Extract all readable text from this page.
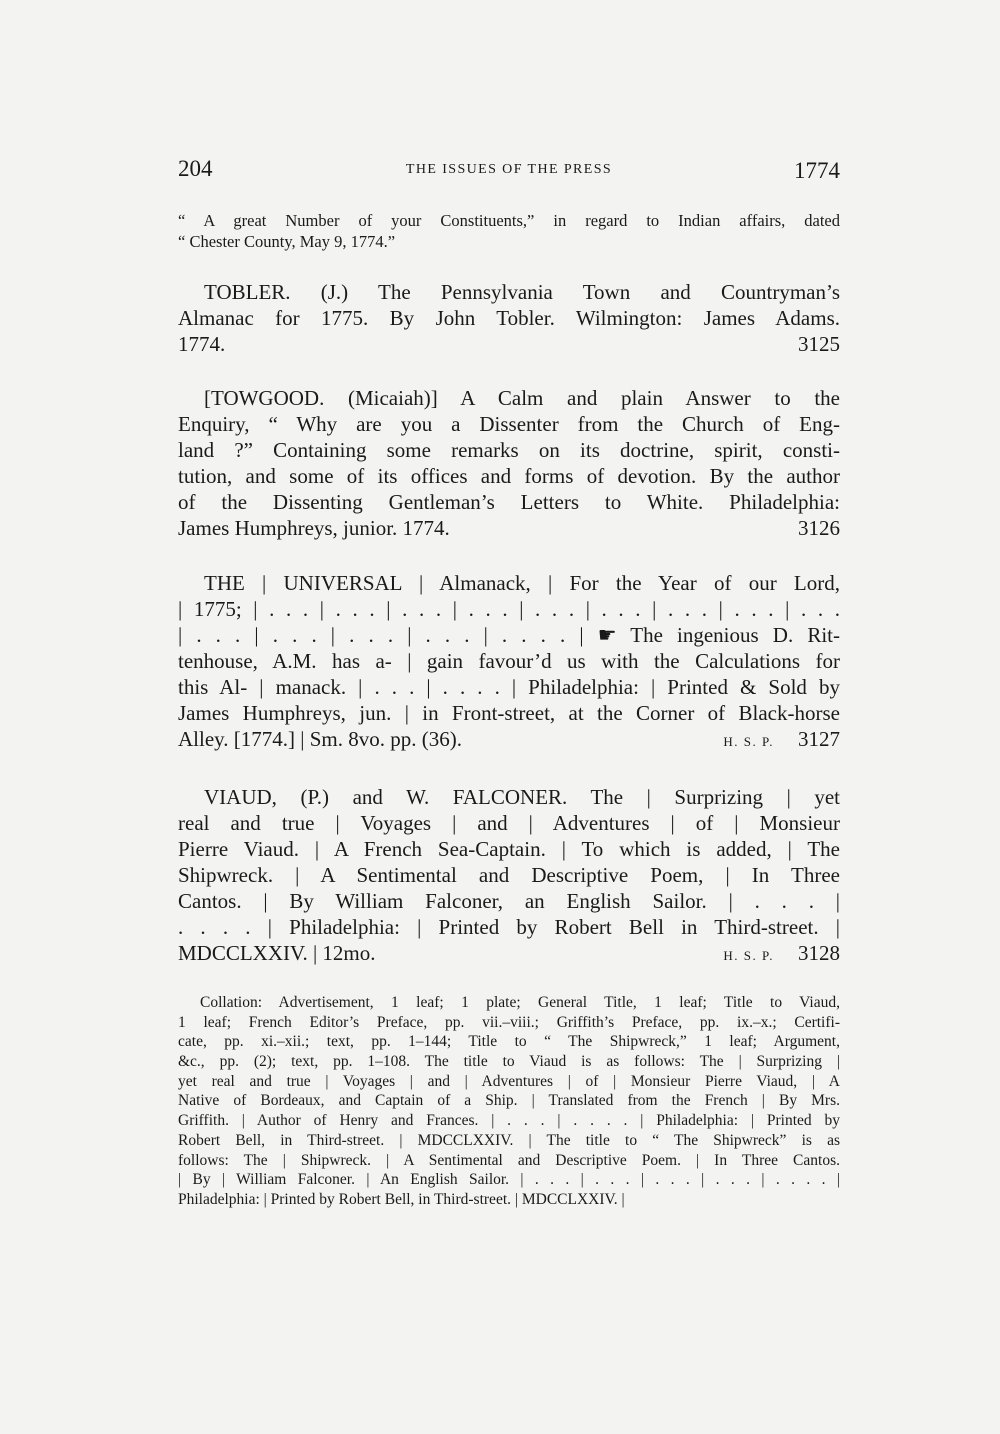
204	THE ISSUES OF THE PRESS	1774
“ A great Number of your Constituents,” in regard to Indian affairs, dated
“ Chester County, May 9, 1774.”
TOBLER. (J.) The Pennsylvania Town and Countryman’s
Almanac for 1775. By John Tobler. Wilmington: James Adams.
1774.	3125
[TOWGOOD. (Micaiah)] A Calm and plain Answer to the
Enquiry, “ Why are you a Dissenter from the Church of Eng-
land ?” Containing some remarks on its doctrine, spirit, consti-
tution, and some of its offices and forms of devotion. By the author
of the Dissenting Gentleman’s Letters to White. Philadelphia:
James Humphreys, junior. 1774.	3126
THE | UNIVERSAL | Almanack, | For the Year of our Lord,
| 1775; | . . . | . . . | . . . | . . . | . . . | . . . | . . . | . . . | . . .
| . . . | . . . | . . . | . . . | . . . . | ☛ The ingenious D. Rit-
tenhouse, A.M. has a- | gain favour’d us with the Calculations for
this Al- | manack. | . . . | . . . . | Philadelphia: | Printed & Sold by
James Humphreys, jun. | in Front-street, at the Corner of Black-horse
Alley. [1774.] | Sm. 8vo. pp. (36).	H. S. P. 3127
VIAUD, (P.) and W. FALCONER. The | Surprizing | yet
real and true | Voyages | and | Adventures | of | Monsieur
Pierre Viaud. | A French Sea-Captain. | To which is added, | The
Shipwreck. | A Sentimental and Descriptive Poem, | In Three
Cantos. | By William Falconer, an English Sailor. | . . . |
. . . . | Philadelphia: | Printed by Robert Bell in Third-street. |
MDCCLXXIV. | 12mo.	H. S. P. 3128
Collation: Advertisement, 1 leaf; 1 plate; General Title, 1 leaf; Title to Viaud,
1 leaf; French Editor’s Preface, pp. vii.–viii.; Griffith’s Preface, pp. ix.–x.; Certifi-
cate, pp. xi.–xii.; text, pp. 1–144; Title to “ The Shipwreck,” 1 leaf; Argument,
&c., pp. (2); text, pp. 1–108. The title to Viaud is as follows: The | Surprizing |
yet real and true | Voyages | and | Adventures | of | Monsieur Pierre Viaud, | A
Native of Bordeaux, and Captain of a Ship. | Translated from the French | By Mrs.
Griffith. | Author of Henry and Frances. | . . . | . . . . | Philadelphia: | Printed by
Robert Bell, in Third-street. | MDCCLXXIV. | The title to “ The Shipwreck” is as
follows: The | Shipwreck. | A Sentimental and Descriptive Poem. | In Three Cantos.
| By | William Falconer. | An English Sailor. | . . . | . . . | . . . | . . . | . . . . |
Philadelphia: | Printed by Robert Bell, in Third-street. | MDCCLXXIV. |
